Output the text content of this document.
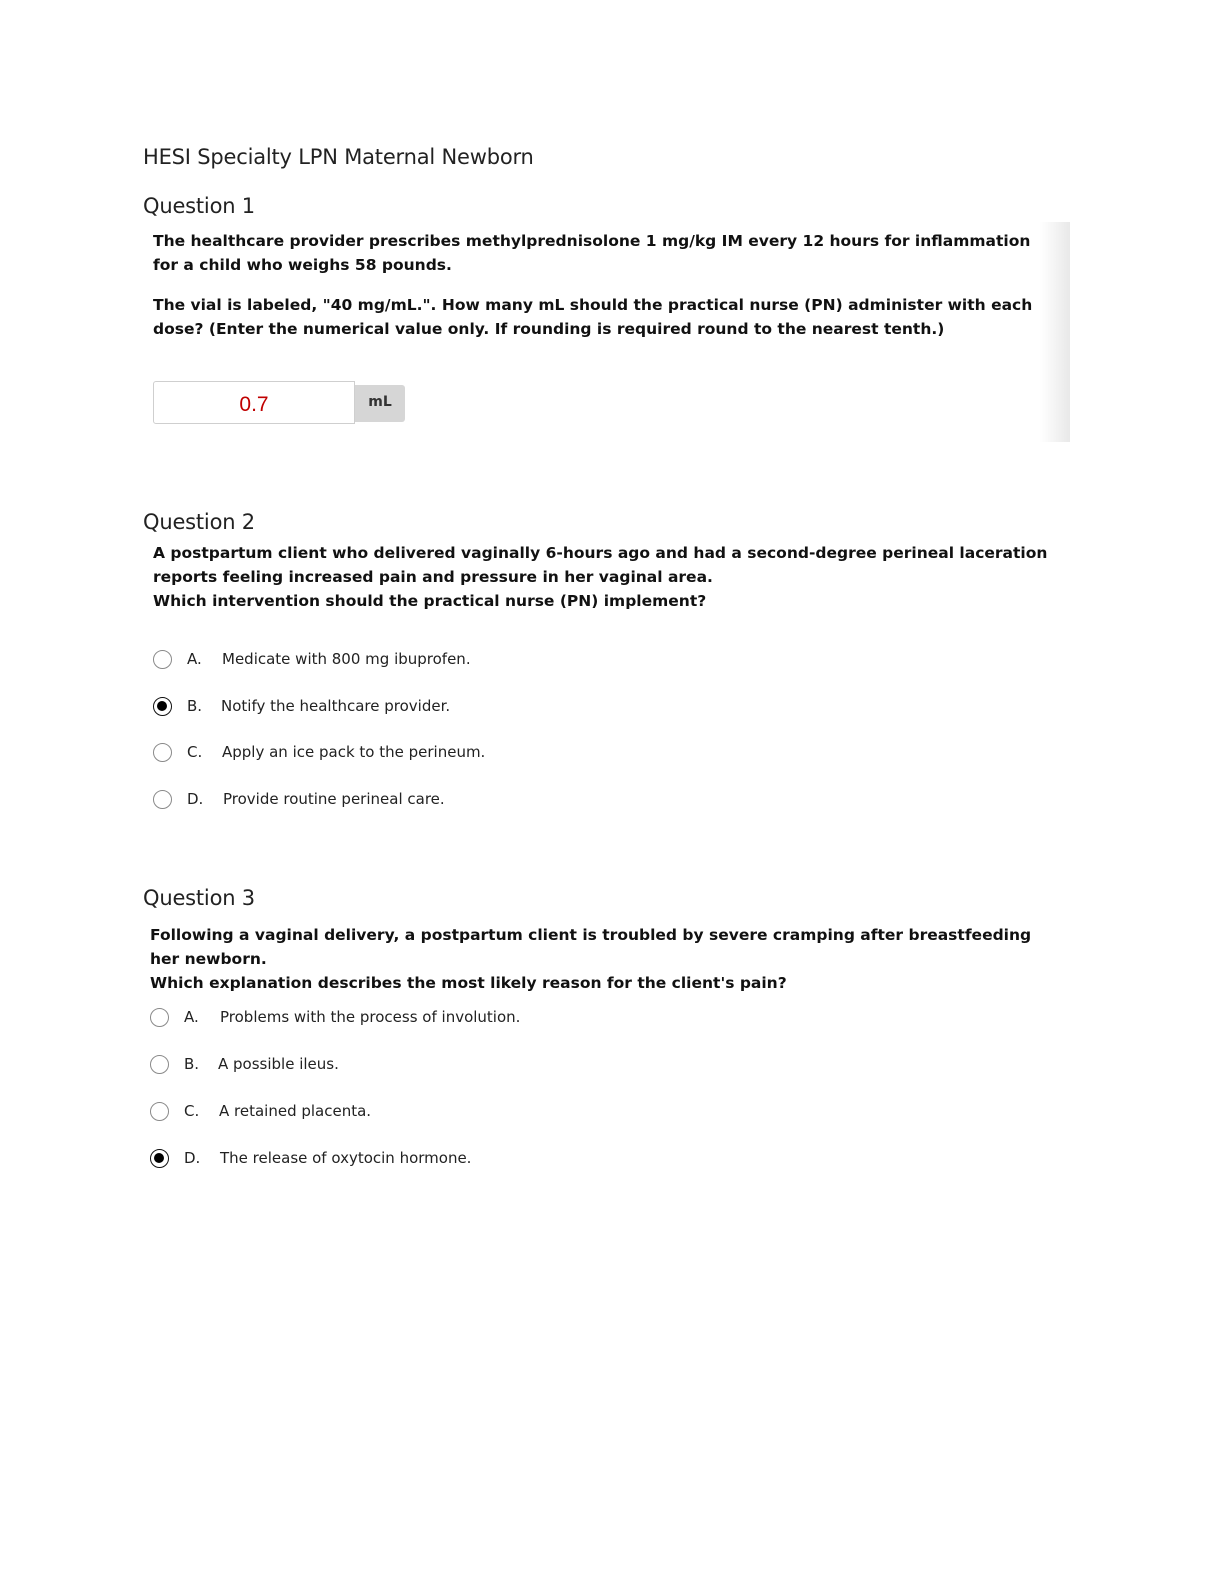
HESI Specialty LPN Maternal Newborn
Question 1

The healthcare provider prescribes methylprednisolone 1 mg/kg IM every 12 hours for inflammation for a child who weighs 58 pounds.

The vial is labeled, "40 mg/mL.". How many mL should the practical nurse (PN) administer with each dose? (Enter the numerical value only. If rounding is required round to the nearest tenth.)

0.7	mL
Question 2

A postpartum client who delivered vaginally 6-hours ago and had a second-degree perineal laceration reports feeling increased pain and pressure in her vaginal area.

Which intervention should the practical nurse (PN) implement?

A. Medicate with 800 mg ibuprofen.
B. Notify the healthcare provider.
C. Apply an ice pack to the perineum.
D. Provide routine perineal care.
Question 3

Following a vaginal delivery, a postpartum client is troubled by severe cramping after breastfeeding her newborn.

Which explanation describes the most likely reason for the client's pain?

A. Problems with the process of involution.
B. A possible ileus.
C. A retained placenta.
D. The release of oxytocin hormone.
